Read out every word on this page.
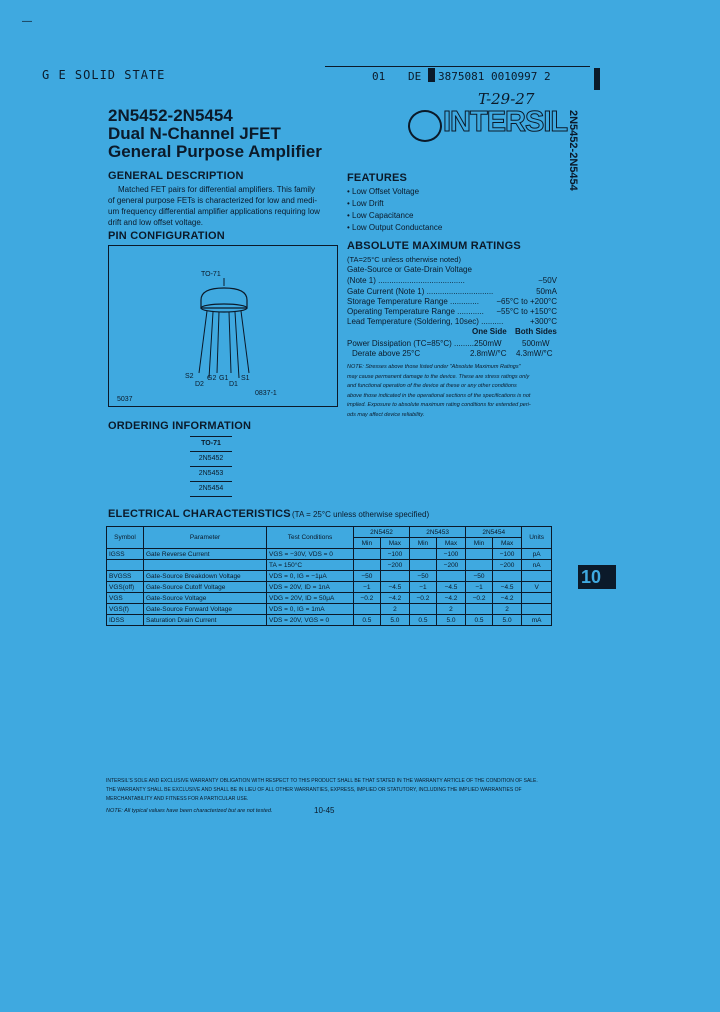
—
G E SOLID STATE	01 DE 3875081 0010997 2
T-29-27
INTERSIL 2N5452-2N5454
2N5452-2N5454
Dual N-Channel JFET
General Purpose Amplifier
GENERAL DESCRIPTION
Matched FET pairs for differential amplifiers. This family
of general purpose FETs is characterized for low and medi-
um frequency differential amplifier applications requiring low
drift and low offset voltage.
PIN CONFIGURATION
TO-71
S2
D2
G2 G1
D1
S1
5037
0837-1
FEATURES
• Low Offset Voltage
• Low Drift
• Low Capacitance
• Low Output Conductance
ABSOLUTE MAXIMUM RATINGS
(TA=25°C unless otherwise noted)
Gate-Source or Gate-Drain Voltage
(Note 1) .......................................	−50V
Gate Current (Note 1) ..............................	50mA
Storage Temperature Range ............. −65°C to +200°C
Operating Temperature Range ............ −55°C to +150°C
Lead Temperature (Soldering, 10sec) ..........	+300°C
One Side Both Sides
Power Dissipation (TC=85°C) ......... 250mW	500mW
Derate above 25°C	2.8mW/°C 4.3mW/°C
NOTE: Stresses above those listed under "Absolute Maximum Ratings"
may cause permanent damage to the device. These are stress ratings only
and functional operation of the device at these or any other conditions
above those indicated in the operational sections of the specifications is not
implied. Exposure to absolute maximum rating conditions for extended peri-
ods may affect device reliability.
ORDERING INFORMATION
TO-71
2N5452
2N5453
2N5454
ELECTRICAL CHARACTERISTICS (TA = 25°C unless otherwise specified)
Symbol	Parameter	Test Conditions	2N5452		2N5453		2N5454		Units
			Min	Max	Min	Max	Min	Max	
IGSS	Gate Reverse Current	VGS = −30V, VDS = 0		−100		−100		−100	pA
		TA = 150°C		−200		−200		−200	nA
BVGSS	Gate-Source Breakdown Voltage	VDS = 0, IG = −1μA	−50		−50		−50		
VGS(off)	Gate-Source Cutoff Voltage	VDS = 20V, ID = 1nA	−1	−4.5	−1	−4.5	−1	−4.5	V
VGS	Gate-Source Voltage	VDG = 20V, ID = 50μA	−0.2	−4.2	−0.2	−4.2	−0.2	−4.2	
VGS(f)	Gate-Source Forward Voltage	VDS = 0, IG = 1mA		2		2		2	
IDSS	Saturation Drain Current	VDS = 20V, VGS = 0	0.5	5.0	0.5	5.0	0.5	5.0	mA
10
INTERSIL'S SOLE AND EXCLUSIVE WARRANTY OBLIGATION WITH RESPECT TO THIS PRODUCT SHALL BE THAT STATED IN THE WARRANTY ARTICLE OF THE CONDITION OF SALE.
THE WARRANTY SHALL BE EXCLUSIVE AND SHALL BE IN LIEU OF ALL OTHER WARRANTIES, EXPRESS, IMPLIED OR STATUTORY, INCLUDING THE IMPLIED WARRANTIES OF
MERCHANTABILITY AND FITNESS FOR A PARTICULAR USE.
NOTE: All typical values have been characterized but are not tested.	10-45
